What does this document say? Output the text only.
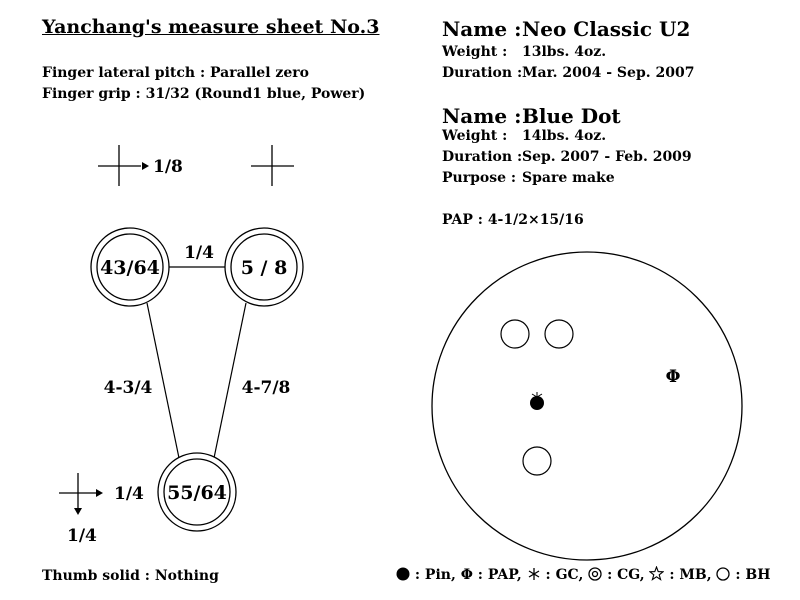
Yanchang's measure sheet No.3
Finger lateral pitch : Parallel zero
Finger grip : 31/32 (Round1 blue, Power)
Thumb solid : Nothing
Name : Neo Classic U2
Weight : 13lbs. 4oz.
Duration : Mar. 2004 - Sep. 2007
Name : Blue Dot
Weight : 14lbs. 4oz.
Duration : Sep. 2007 - Feb. 2009
Purpose : Spare make
PAP : 4-1/2×15/16
1/8
43/64	5 / 8
55/64
1/4
4-3/4	4-7/8
1/4
1/4
Φ
: Pin, Φ : PAP, : GC, : CG, : MB, : BH
